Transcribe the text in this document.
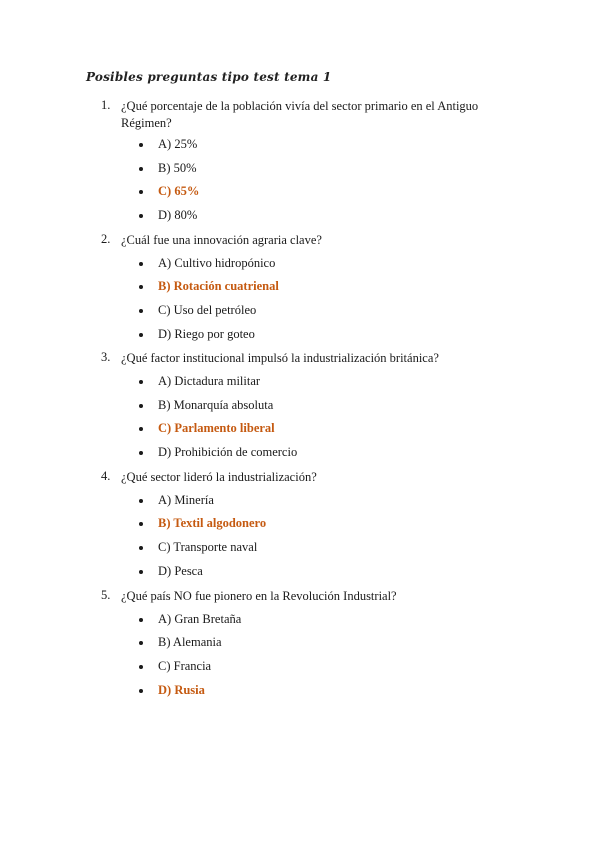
Posibles preguntas tipo test tema 1
1. ¿Qué porcentaje de la población vivía del sector primario en el Antiguo Régimen?
A) 25%
B) 50%
C) 65%
D) 80%
2. ¿Cuál fue una innovación agraria clave?
A) Cultivo hidropónico
B) Rotación cuatrienal
C) Uso del petróleo
D) Riego por goteo
3. ¿Qué factor institucional impulsó la industrialización británica?
A) Dictadura militar
B) Monarquía absoluta
C) Parlamento liberal
D) Prohibición de comercio
4. ¿Qué sector lideró la industrialización?
A) Minería
B) Textil algodonero
C) Transporte naval
D) Pesca
5. ¿Qué país NO fue pionero en la Revolución Industrial?
A) Gran Bretaña
B) Alemania
C) Francia
D) Rusia
